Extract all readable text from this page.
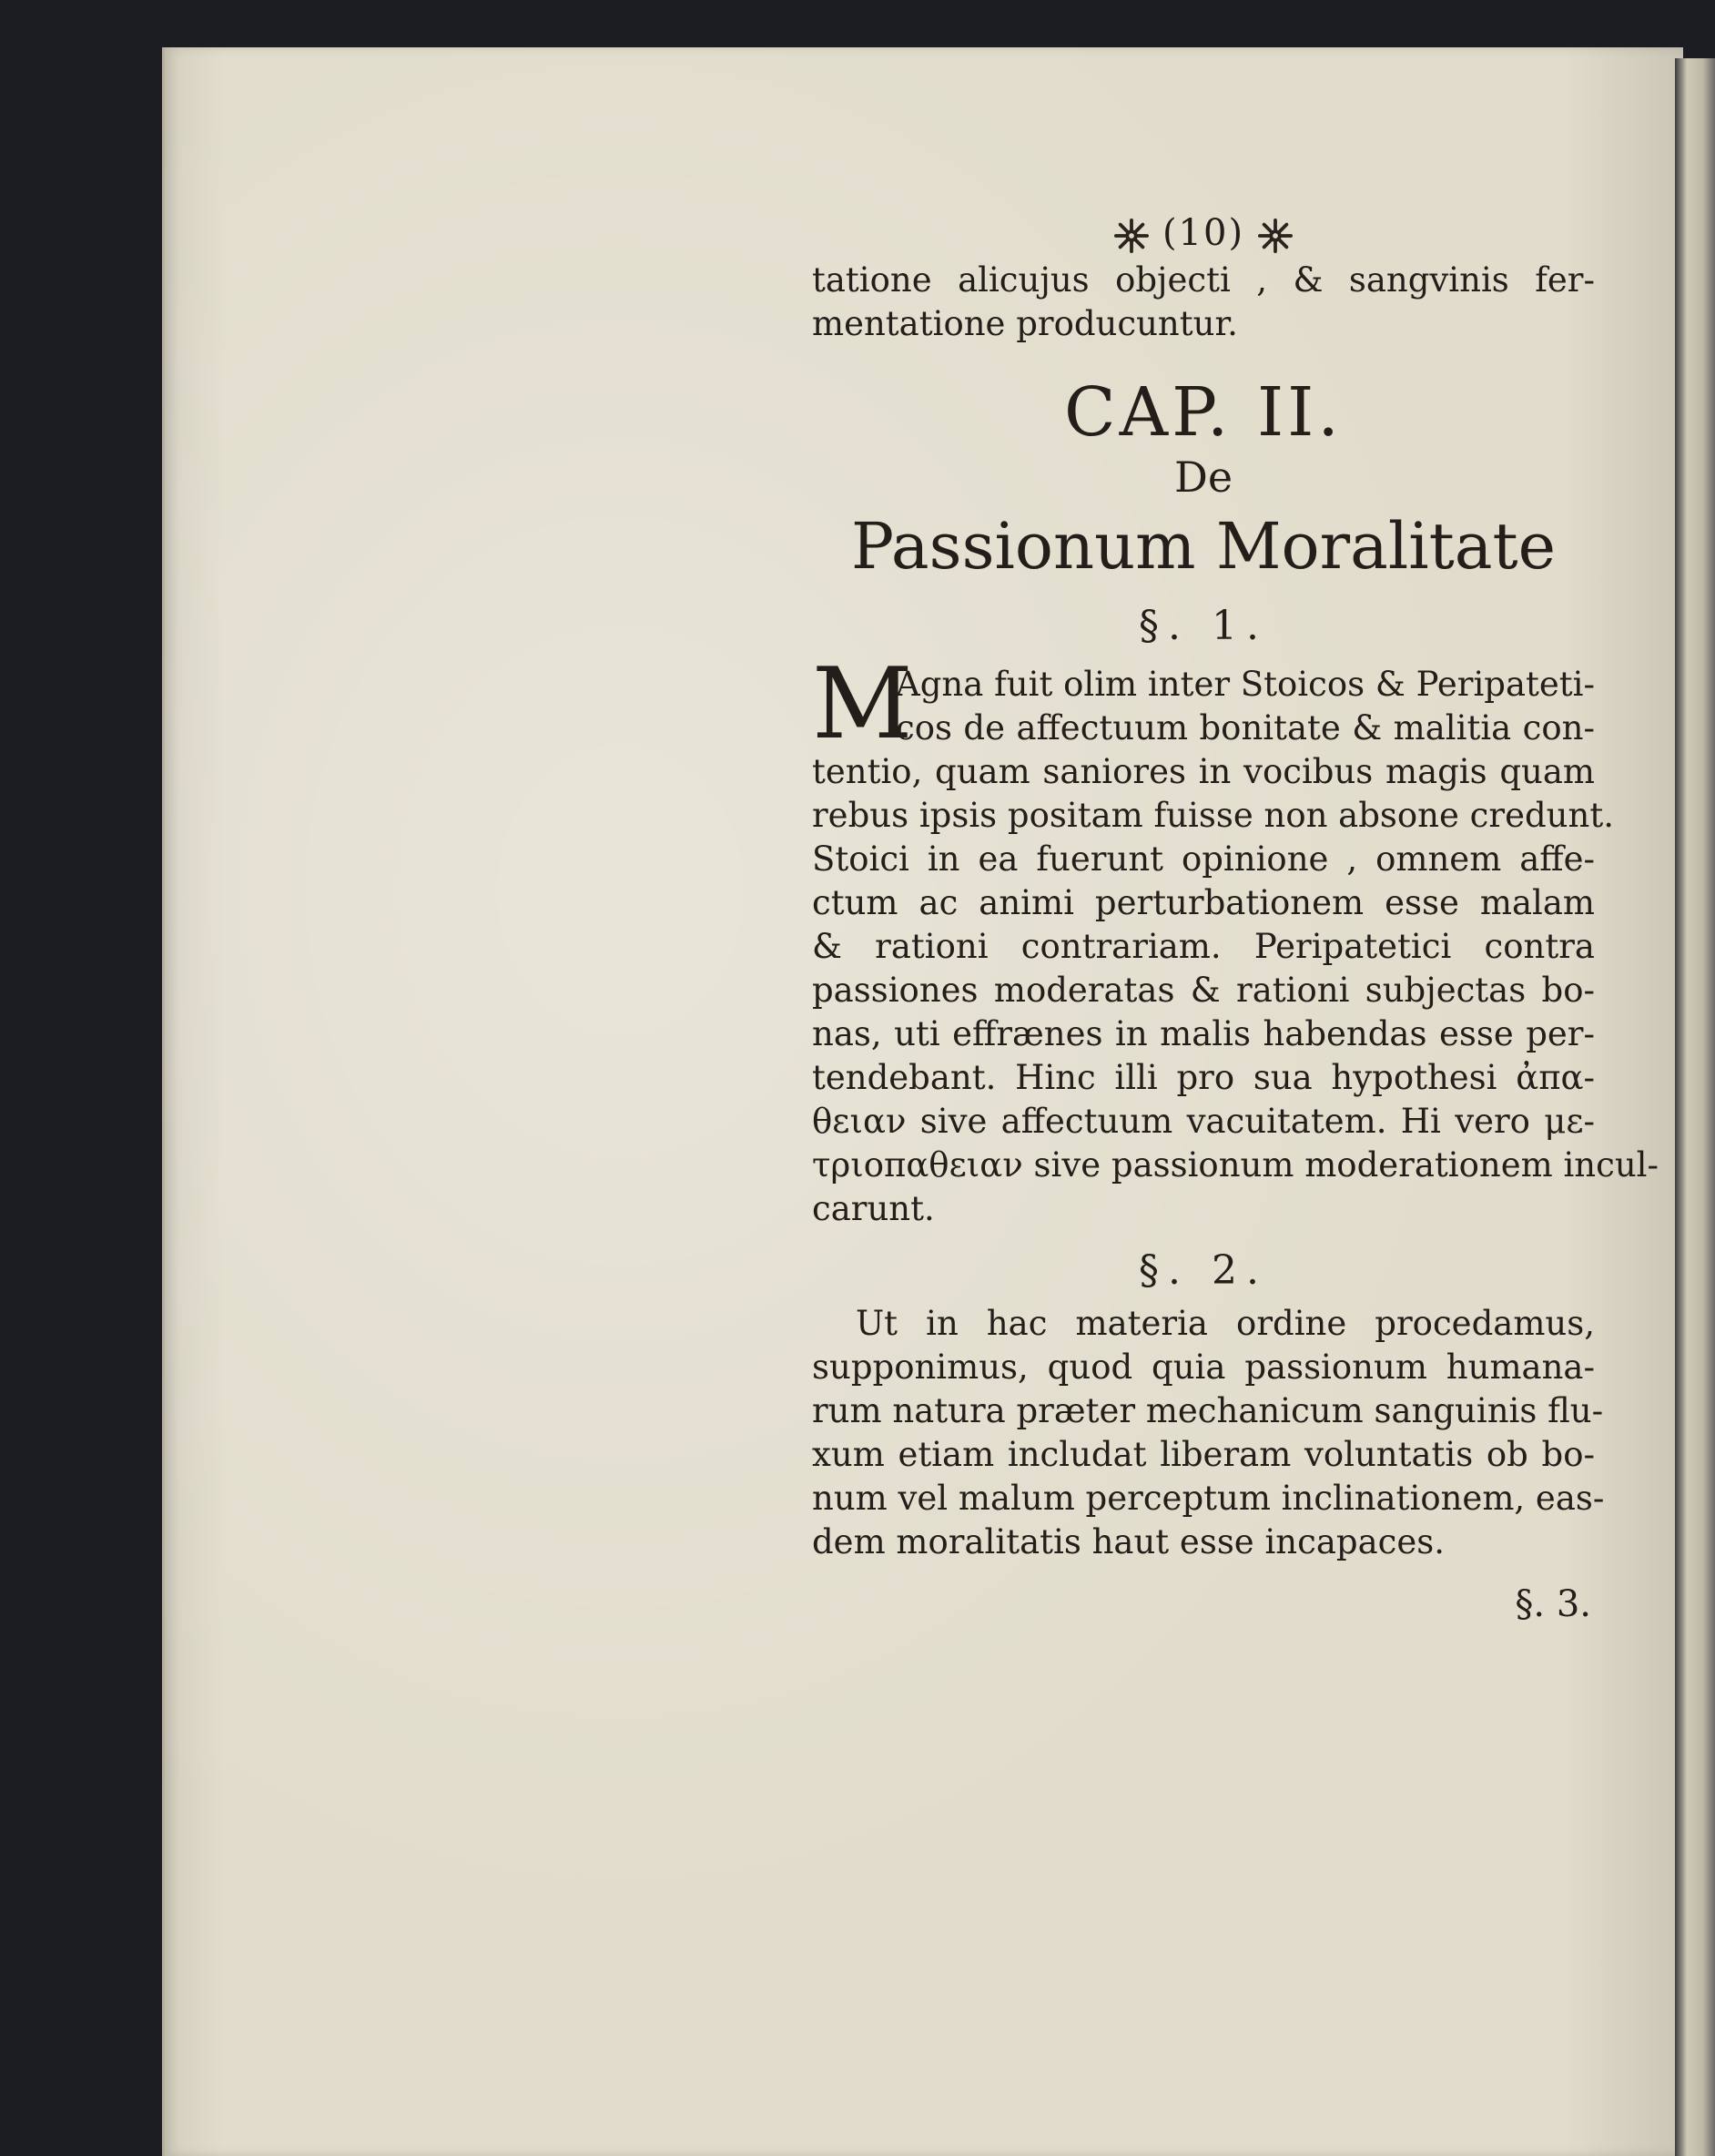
(10)
tatione alicujus objecti , & sangvinis fer-
mentatione producuntur.
CAP. II.
De
Passionum Moralitate
§. 1.
M
Agna fuit olim inter Stoicos & Peripateti-
cos de affectuum bonitate & malitia con-
tentio, quam saniores in vocibus magis quam
rebus ipsis positam fuisse non absone credunt.
Stoici in ea fuerunt opinione , omnem affe-
ctum ac animi perturbationem esse malam
& rationi contrariam. Peripatetici contra
passiones moderatas & rationi subjectas bo-
nas, uti effrænes in malis habendas esse per-
tendebant. Hinc illi pro sua hypothesi ἀπα-
θειαν sive affectuum vacuitatem. Hi vero με-
τριοπαθειαν sive passionum moderationem incul-
carunt.
§. 2.
Ut in hac materia ordine procedamus,
supponimus, quod quia passionum humana-
rum natura præter mechanicum sanguinis flu-
xum etiam includat liberam voluntatis ob bo-
num vel malum perceptum inclinationem, eas-
dem moralitatis haut esse incapaces.
§. 3.
